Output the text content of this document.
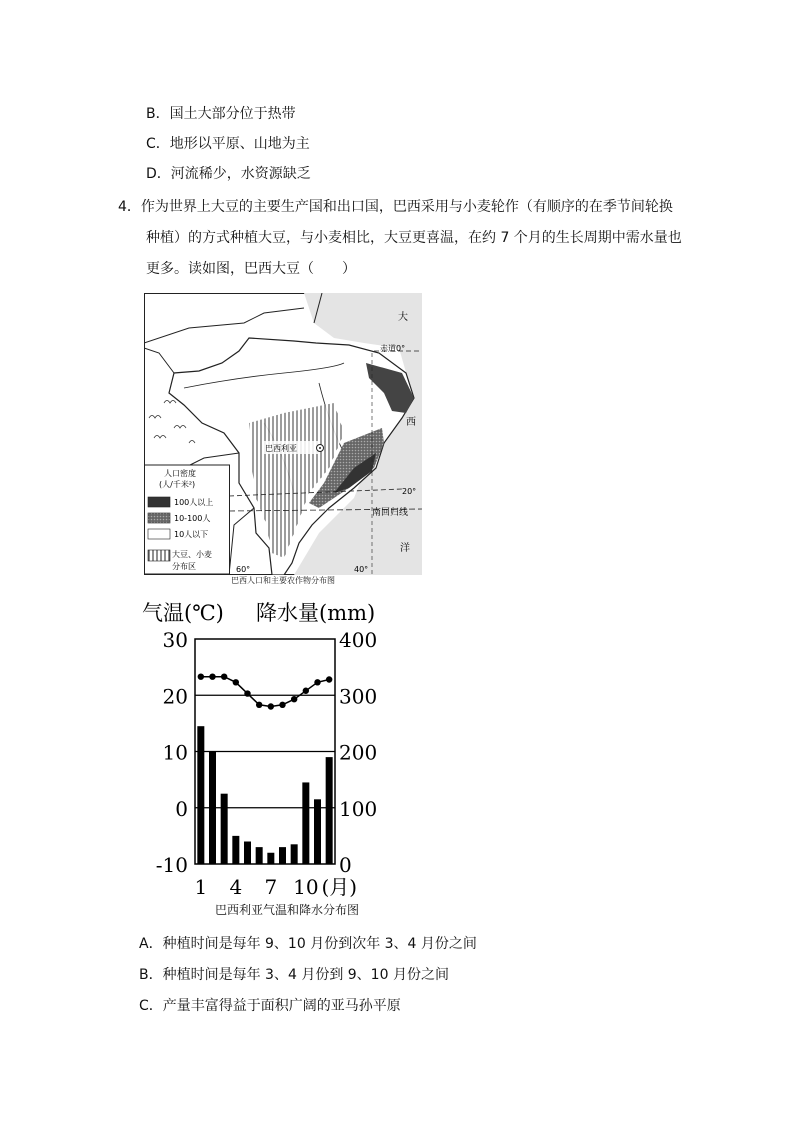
B．国土大部分位于热带
C．地形以平原、山地为主
D．河流稀少，水资源缺乏
4．作为世界上大豆的主要生产国和出口国，巴西采用与小麦轮作（有顺序的在季节间轮换
种植）的方式种植大豆，与小麦相比，大豆更喜温，在约 7 个月的生长周期中需水量也
更多。读如图，巴西大豆（　　）
大
赤道0°
西
20°
南回归线
洋
60°	40°
巴西利亚
人口密度
(人/千米²)
100人以上
10-100人
10人以下
大豆、小麦
分布区
巴西人口和主要农作物分布图
气温(℃) 降水量(mm)
30
20
10
0
-10
400
300
200
100
0
1 4 7 10 (月)
巴西利亚气温和降水分布图
A．种植时间是每年 9、10 月份到次年 3、4 月份之间
B．种植时间是每年 3、4 月份到 9、10 月份之间
C．产量丰富得益于面积广阔的亚马孙平原
